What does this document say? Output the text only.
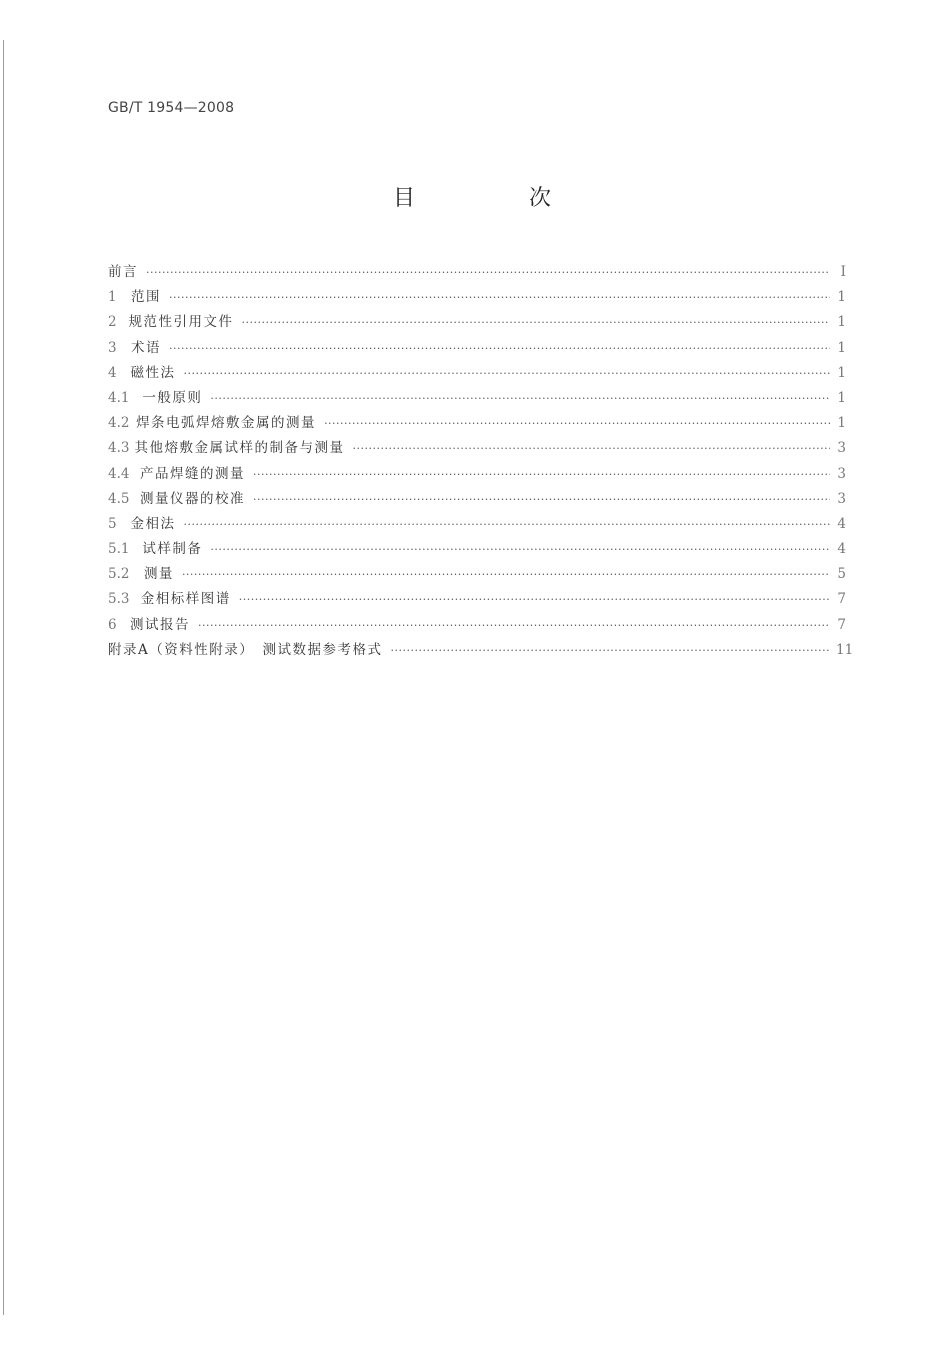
GB/T 1954—2008
目　次
前言 ·····	I
1	范围 ·····	1
2 规范性引用文件 ·····	1
3	术语 ·····	1
4	磁性法 ·····	1
4.1 一般原则 ·····	1
4.2 焊条电弧焊熔敷金属的测量 ·····	1
4.3 其他熔敷金属试样的制备与测量 ·····	3
4.4 产品焊缝的测量 ·····	3
4.5 测量仪器的校准 ·····	3
5	金相法 ·····	4
5.1 试样制备 ·····	4
5.2	测量 ·····	5
5.3 金相标样图谱 ·····	7
6 测试报告 ·····	7
附录A（资料性附录）　测试数据参考格式 ·····	11
